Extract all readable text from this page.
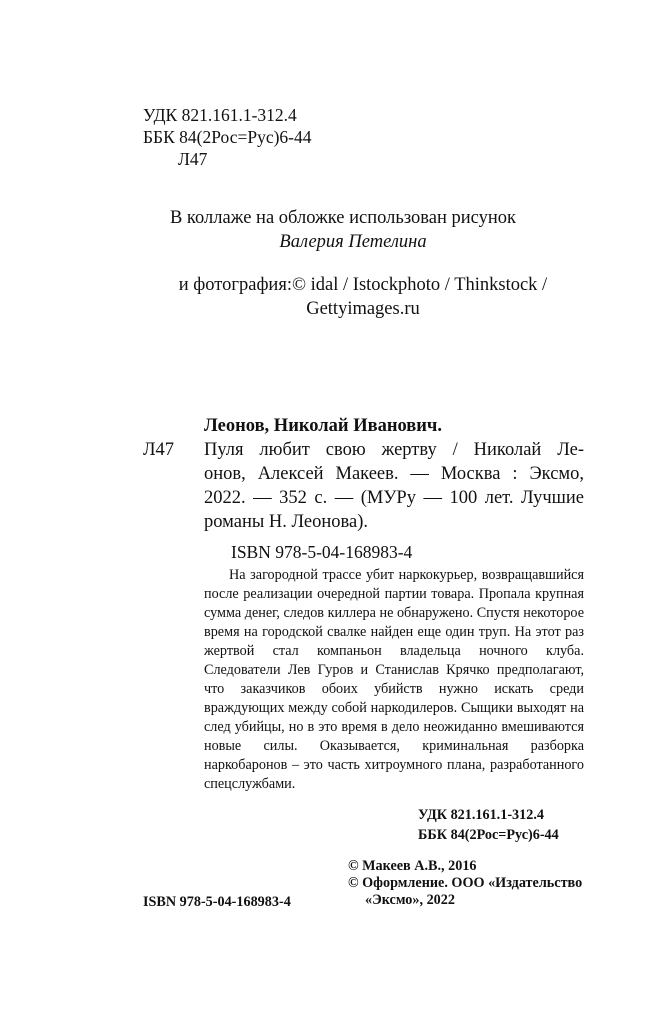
УДК 821.161.1-312.4
ББК 84(2Рос=Рус)6-44
Л47
В коллаже на обложке использован рисунок
Валерия Петелина
и фотография:© idal / Istockphoto / Thinkstock /
Gettyimages.ru
Леонов, Николай Иванович.
Л47 Пуля любит свою жертву / Николай Ле-
онов, Алексей Макеев. — Москва : Эксмо,
2022. — 352 с. — (МУРу — 100 лет. Лучшие
романы Н. Леонова).
ISBN 978-5-04-168983-4
На загородной трассе убит наркокурьер, возвращавшийся после реализации очередной партии товара. Пропала крупная сумма денег, следов киллера не обнаружено. Спустя некоторое время на городской свалке найден еще один труп. На этот раз жертвой стал компаньон владельца ночного клуба. Следователи Лев Гуров и Станислав Крячко предполагают, что заказчиков обоих убийств нужно искать среди враждующих между собой наркодилеров. Сыщики выходят на след убийцы, но в это время в дело неожиданно вмешиваются новые силы. Оказывается, криминальная разборка наркобаронов – это часть хитроумного плана, разработанного спецслужбами.
УДК 821.161.1-312.4
ББК 84(2Рос=Рус)6-44
© Макеев А.В., 2016
© Оформление. ООО «Издательство
«Эксмо», 2022
ISBN 978-5-04-168983-4
